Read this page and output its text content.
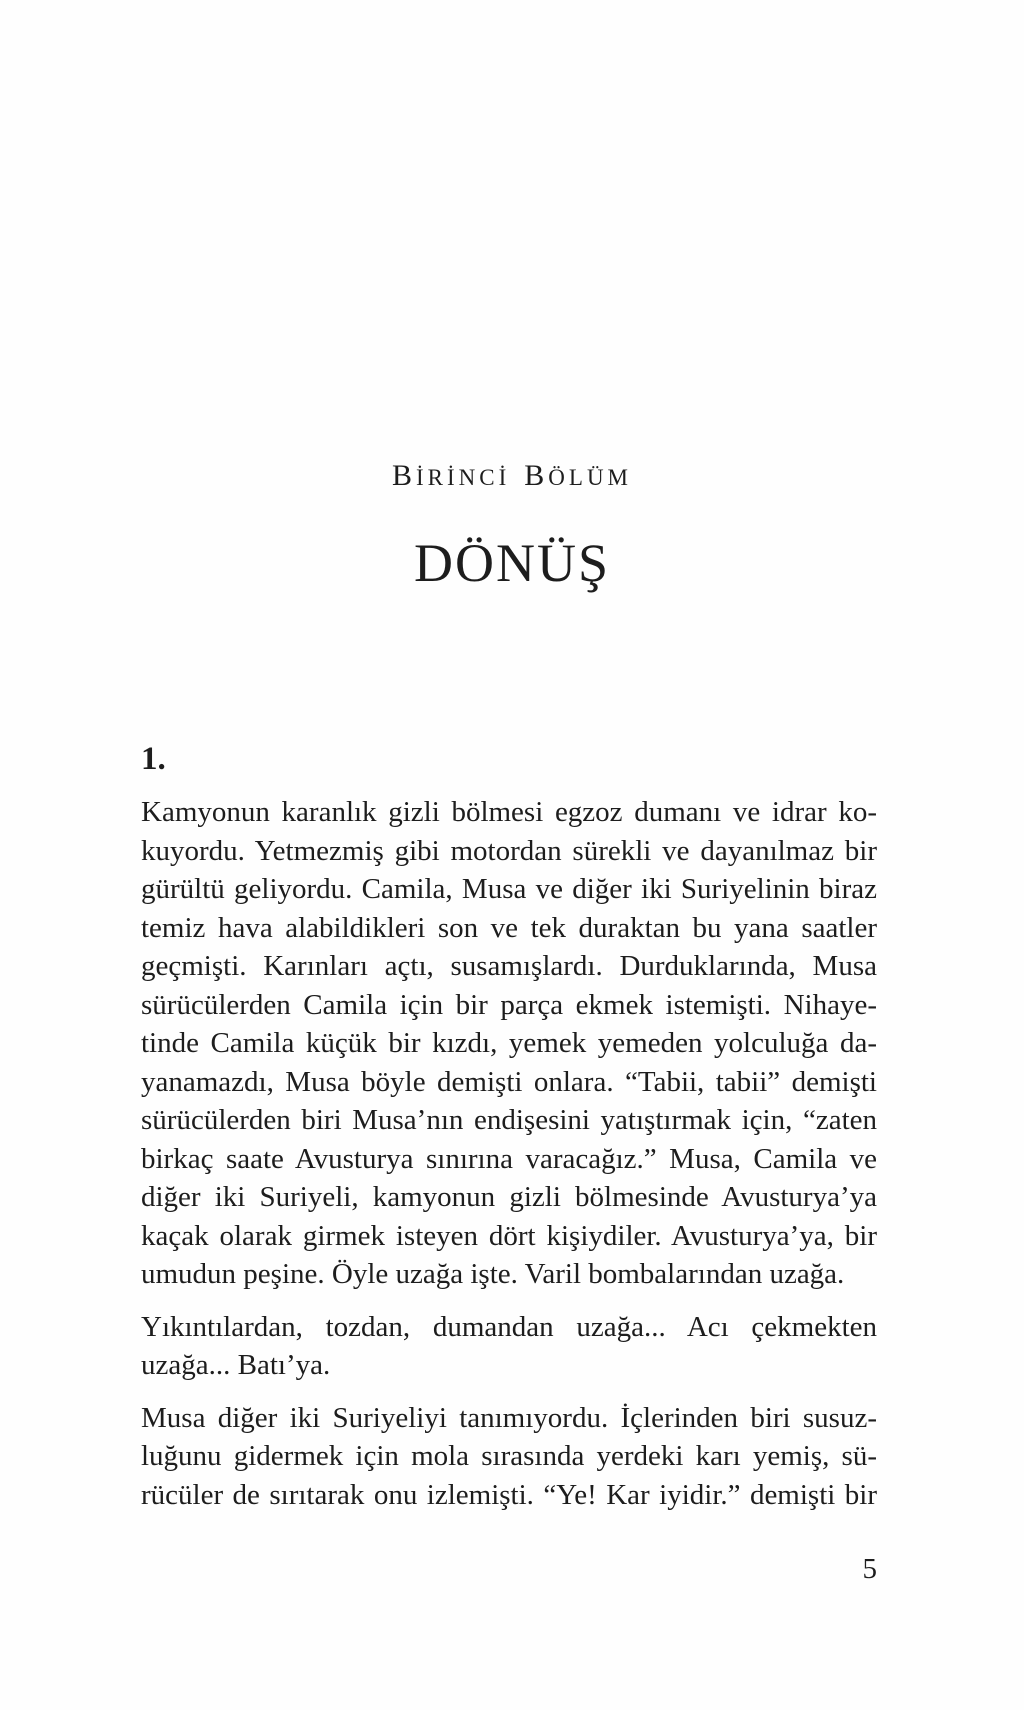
BİRİNCİ BÖLÜM
DÖNÜŞ
1.
Kamyonun karanlık gizli bölmesi egzoz dumanı ve idrar ko-
kuyordu. Yetmezmiş gibi motordan sürekli ve dayanılmaz bir
gürültü geliyordu. Camila, Musa ve diğer iki Suriyelinin biraz
temiz hava alabildikleri son ve tek duraktan bu yana saatler
geçmişti. Karınları açtı, susamışlardı. Durduklarında, Musa
sürücülerden Camila için bir parça ekmek istemişti. Nihaye-
tinde Camila küçük bir kızdı, yemek yemeden yolculuğa da-
yanamazdı, Musa böyle demişti onlara. “Tabii, tabii” demişti
sürücülerden biri Musa’nın endişesini yatıştırmak için, “zaten
birkaç saate Avusturya sınırına varacağız.” Musa, Camila ve
diğer iki Suriyeli, kamyonun gizli bölmesinde Avusturya’ya
kaçak olarak girmek isteyen dört kişiydiler. Avusturya’ya, bir
umudun peşine. Öyle uzağa işte. Varil bombalarından uzağa.
Yıkıntılardan, tozdan, dumandan uzağa... Acı çekmekten
uzağa... Batı’ya.
Musa diğer iki Suriyeliyi tanımıyordu. İçlerinden biri susuz-
luğunu gidermek için mola sırasında yerdeki karı yemiş, sü-
rücüler de sırıtarak onu izlemişti. “Ye! Kar iyidir.” demişti bir
5
